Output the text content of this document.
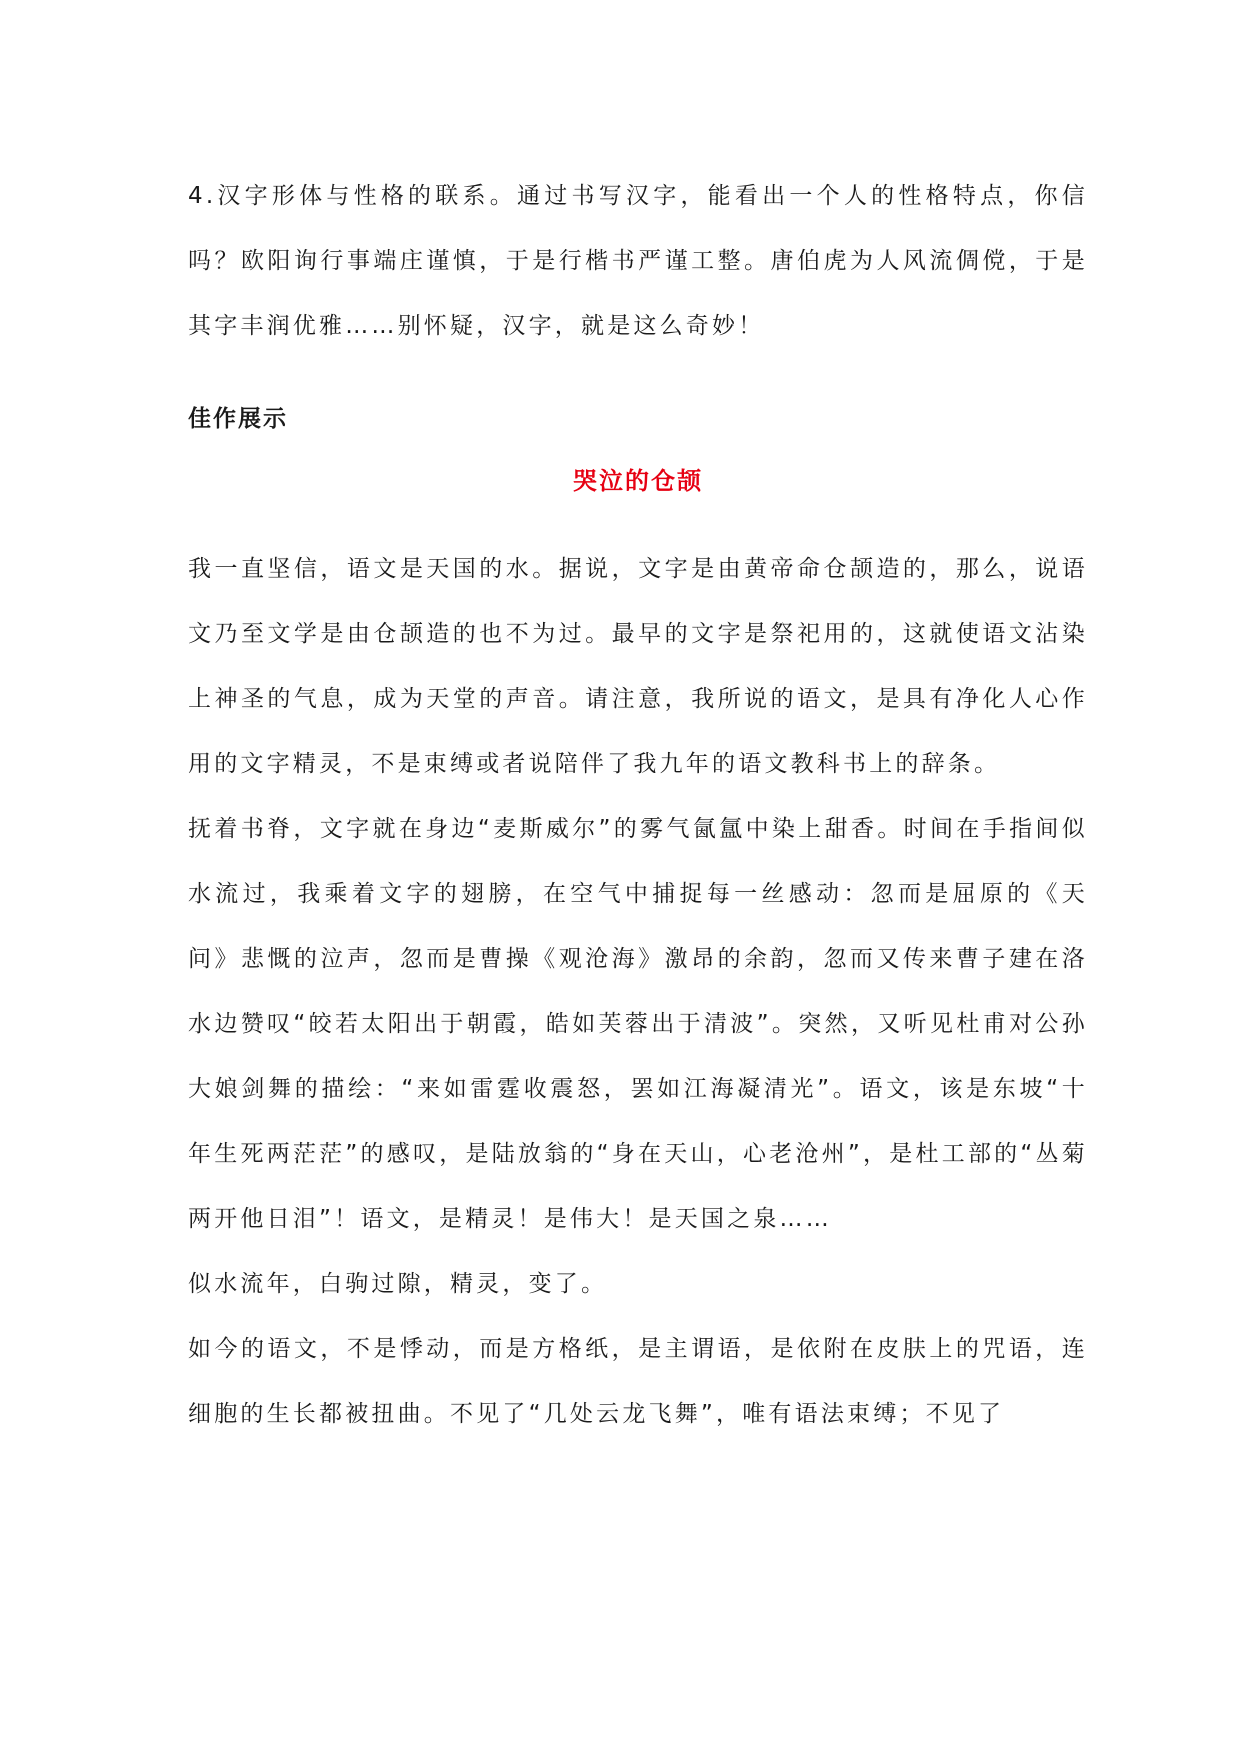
4.汉字形体与性格的联系。通过书写汉字，能看出一个人的性格特点，你信吗？欧阳询行事端庄谨慎，于是行楷书严谨工整。唐伯虎为人风流倜傥，于是其字丰润优雅……别怀疑，汉字，就是这么奇妙！

佳作展示
哭泣的仓颉

我一直坚信，语文是天国的水。据说，文字是由黄帝命仓颉造的，那么，说语文乃至文学是由仓颉造的也不为过。最早的文字是祭祀用的，这就使语文沾染上神圣的气息，成为天堂的声音。请注意，我所说的语文，是具有净化人心作用的文字精灵，不是束缚或者说陪伴了我九年的语文教科书上的辞条。

抚着书脊，文字就在身边“麦斯威尔”的雾气氤氲中染上甜香。时间在手指间似水流过，我乘着文字的翅膀，在空气中捕捉每一丝感动：忽而是屈原的《天问》悲慨的泣声，忽而是曹操《观沧海》激昂的余韵，忽而又传来曹子建在洛水边赞叹“皎若太阳出于朝霞，皓如芙蓉出于清波”。突然，又听见杜甫对公孙大娘剑舞的描绘：“来如雷霆收震怒，罢如江海凝清光”。语文，该是东坡“十年生死两茫茫”的感叹，是陆放翁的“身在天山，心老沧州”，是杜工部的“丛菊两开他日泪”！语文，是精灵！是伟大！是天国之泉……

似水流年，白驹过隙，精灵，变了。

如今的语文，不是悸动，而是方格纸，是主谓语，是依附在皮肤上的咒语，连细胞的生长都被扭曲。不见了“几处云龙飞舞”，唯有语法束缚；不见了
